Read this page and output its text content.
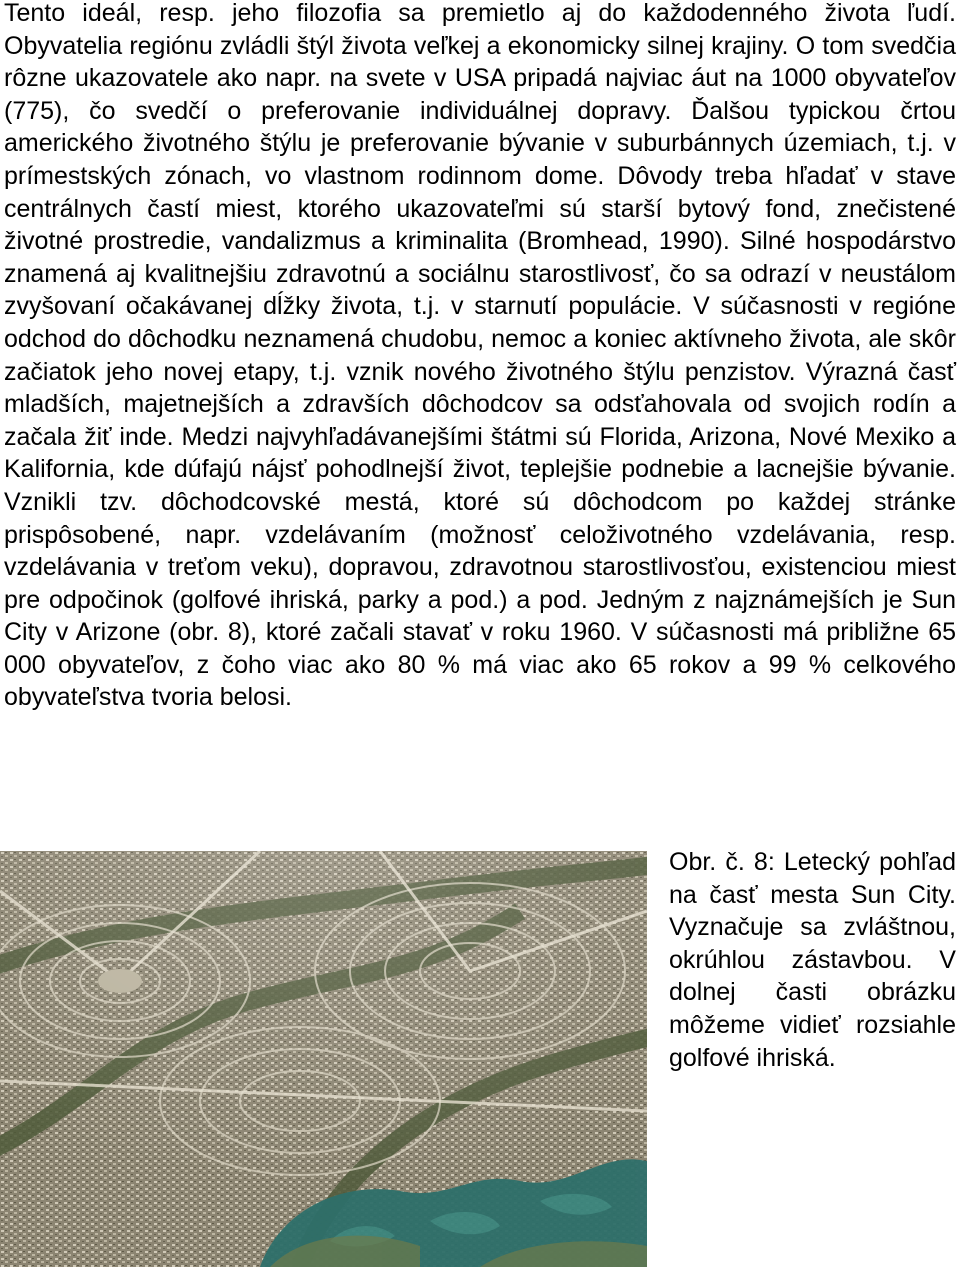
Tento ideál, resp. jeho filozofia sa premietlo aj do každodenného života ľudí. Obyvatelia regiónu zvládli štýl života veľkej a ekonomicky silnej krajiny. O tom svedčia rôzne ukazovatele ako napr. na svete v USA pripadá najviac áut na 1000 obyvateľov (775), čo svedčí o preferovanie individuálnej dopravy. Ďalšou typickou črtou amerického životného štýlu je preferovanie bývanie v suburbánnych územiach, t.j. v prímestských zónach, vo vlastnom rodinnom dome. Dôvody treba hľadať v stave centrálnych častí miest, ktorého ukazovateľmi sú starší bytový fond, znečistené životné prostredie, vandalizmus a kriminalita (Bromhead, 1990). Silné hospodárstvo znamená aj kvalitnejšiu zdravotnú a sociálnu starostlivosť, čo sa odrazí v neustálom zvyšovaní očakávanej dĺžky života, t.j. v starnutí populácie. V súčasnosti v regióne odchod do dôchodku neznamená chudobu, nemoc a koniec aktívneho života, ale skôr začiatok jeho novej etapy, t.j. vznik nového životného štýlu penzistov. Výrazná časť mladších, majetnejších a zdravších dôchodcov sa odsťahovala od svojich rodín a začala žiť inde. Medzi najvyhľadávanejšími štátmi sú Florida, Arizona, Nové Mexiko a Kalifornia, kde dúfajú nájsť pohodlnejší život, teplejšie podnebie a lacnejšie bývanie. Vznikli tzv. dôchodcovské mestá, ktoré sú dôchodcom po každej stránke prispôsobené, napr. vzdelávaním (možnosť celoživotného vzdelávania, resp. vzdelávania v treťom veku), dopravou, zdravotnou starostlivosťou, existenciou miest pre odpočinok (golfové ihriská, parky a pod.) a pod. Jedným z najznámejších je Sun City v Arizone (obr. 8), ktoré začali stavať v roku 1960. V súčasnosti má približne 65 000 obyvateľov, z čoho viac ako 80 % má viac ako 65 rokov a 99 % celkového obyvateľstva tvoria belosi.

Obr. č. 8: Letecký pohľad na časť mesta Sun City. Vyznačuje sa zvláštnou, okrúhlou zástavbou. V dolnej časti obrázku môžeme vidieť rozsiahle golfové ihriská.
